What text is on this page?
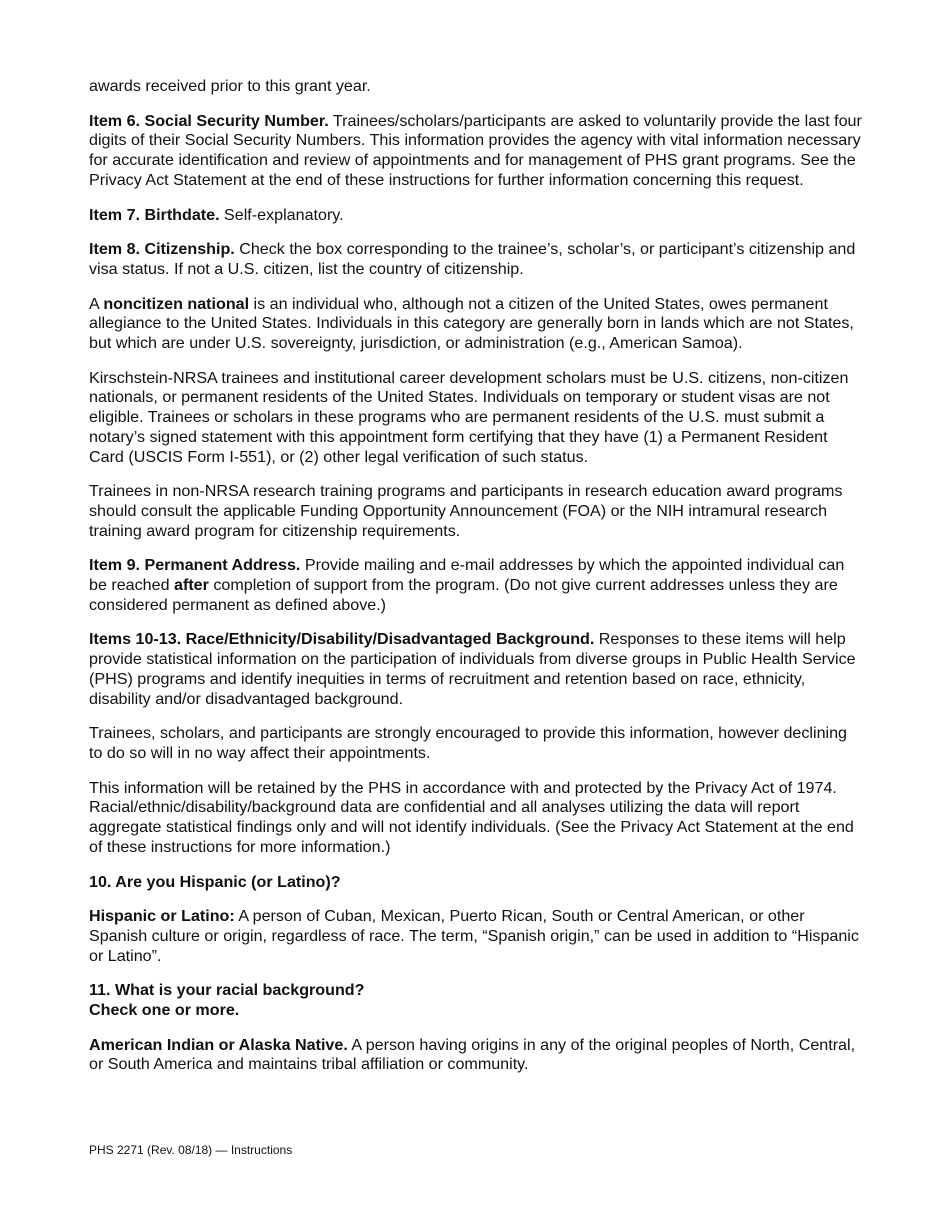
awards received prior to this grant year.

Item 6. Social Security Number. Trainees/scholars/participants are asked to voluntarily provide the last four digits of their Social Security Numbers. This information provides the agency with vital information necessary for accurate identification and review of appointments and for management of PHS grant programs. See the Privacy Act Statement at the end of these instructions for further information concerning this request.

Item 7. Birthdate. Self-explanatory.

Item 8. Citizenship. Check the box corresponding to the trainee’s, scholar’s, or participant’s citizenship and visa status. If not a U.S. citizen, list the country of citizenship.

A noncitizen national is an individual who, although not a citizen of the United States, owes permanent allegiance to the United States. Individuals in this category are generally born in lands which are not States, but which are under U.S. sovereignty, jurisdiction, or administration (e.g., American Samoa).

Kirschstein-NRSA trainees and institutional career development scholars must be U.S. citizens, non-citizen nationals, or permanent residents of the United States. Individuals on temporary or student visas are not eligible. Trainees or scholars in these programs who are permanent residents of the U.S. must submit a notary’s signed statement with this appointment form certifying that they have (1) a Permanent Resident Card (USCIS Form I-551), or (2) other legal verification of such status.

Trainees in non-NRSA research training programs and participants in research education award programs should consult the applicable Funding Opportunity Announcement (FOA) or the NIH intramural research training award program for citizenship requirements.

Item 9. Permanent Address. Provide mailing and e-mail addresses by which the appointed individual can be reached after completion of support from the program. (Do not give current addresses unless they are considered permanent as defined above.)

Items 10-13. Race/Ethnicity/Disability/Disadvantaged Background. Responses to these items will help provide statistical information on the participation of individuals from diverse groups in Public Health Service (PHS) programs and identify inequities in terms of recruitment and retention based on race, ethnicity, disability and/or disadvantaged background.

Trainees, scholars, and participants are strongly encouraged to provide this information, however declining to do so will in no way affect their appointments.

This information will be retained by the PHS in accordance with and protected by the Privacy Act of 1974. Racial/ethnic/disability/background data are confidential and all analyses utilizing the data will report aggregate statistical findings only and will not identify individuals. (See the Privacy Act Statement at the end of these instructions for more information.)

10. Are you Hispanic (or Latino)?

Hispanic or Latino: A person of Cuban, Mexican, Puerto Rican, South or Central American, or other Spanish culture or origin, regardless of race. The term, “Spanish origin,” can be used in addition to “Hispanic or Latino”.

11. What is your racial background?
Check one or more.

American Indian or Alaska Native. A person having origins in any of the original peoples of North, Central, or South America and maintains tribal affiliation or community.

PHS 2271 (Rev. 08/18) — Instructions
